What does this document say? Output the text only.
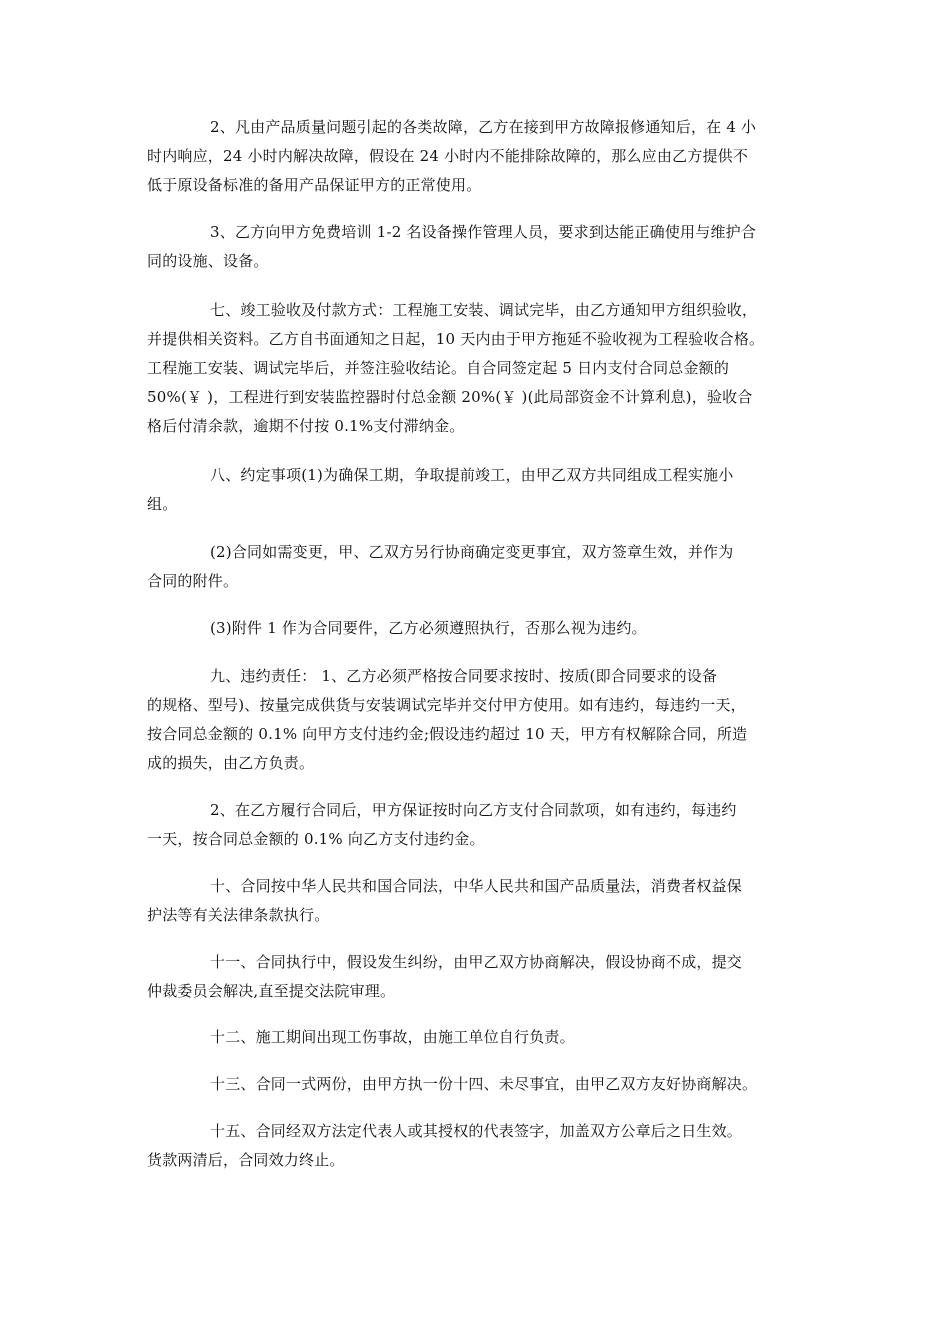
2、凡由产品质量问题引起的各类故障，乙方在接到甲方故障报修通知后，在 4 小
时内响应，24 小时内解决故障，假设在 24 小时内不能排除故障的，那么应由乙方提供不
低于原设备标准的备用产品保证甲方的正常使用。
3、乙方向甲方免费培训 1-2 名设备操作管理人员，要求到达能正确使用与维护合
同的设施、设备。
七、竣工验收及付款方式：工程施工安装、调试完毕，由乙方通知甲方组织验收，
并提供相关资料。乙方自书面通知之日起，10 天内由于甲方拖延不验收视为工程验收合格。
工程施工安装、调试完毕后，并签注验收结论。自合同签定起 5 日内支付合同总金额的
50%(￥ )，工程进行到安装监控器时付总金额 20%(￥ )(此局部资金不计算利息)，验收合
格后付清余款，逾期不付按 0.1%支付滞纳金。
八、约定事项(1)为确保工期，争取提前竣工，由甲乙双方共同组成工程实施小
组。
(2)合同如需变更，甲、乙双方另行协商确定变更事宜，双方签章生效，并作为
合同的附件。
(3)附件 1 作为合同要件，乙方必须遵照执行，否那么视为违约。
九、违约责任： 1、乙方必须严格按合同要求按时、按质(即合同要求的设备
的规格、型号)、按量完成供货与安装调试完毕并交付甲方使用。如有违约，每违约一天，
按合同总金额的 0.1% 向甲方支付违约金;假设违约超过 10 天，甲方有权解除合同，所造
成的损失，由乙方负责。
2、在乙方履行合同后，甲方保证按时向乙方支付合同款项，如有违约，每违约
一天，按合同总金额的 0.1% 向乙方支付违约金。
十、合同按中华人民共和国合同法，中华人民共和国产品质量法，消费者权益保
护法等有关法律条款执行。
十一、合同执行中，假设发生纠纷，由甲乙双方协商解决，假设协商不成，提交
仲裁委员会解决,直至提交法院审理。
十二、施工期间出现工伤事故，由施工单位自行负责。
十三、合同一式两份，由甲方执一份十四、未尽事宜，由甲乙双方友好协商解决。
十五、合同经双方法定代表人或其授权的代表签字，加盖双方公章后之日生效。
货款两清后，合同效力终止。
